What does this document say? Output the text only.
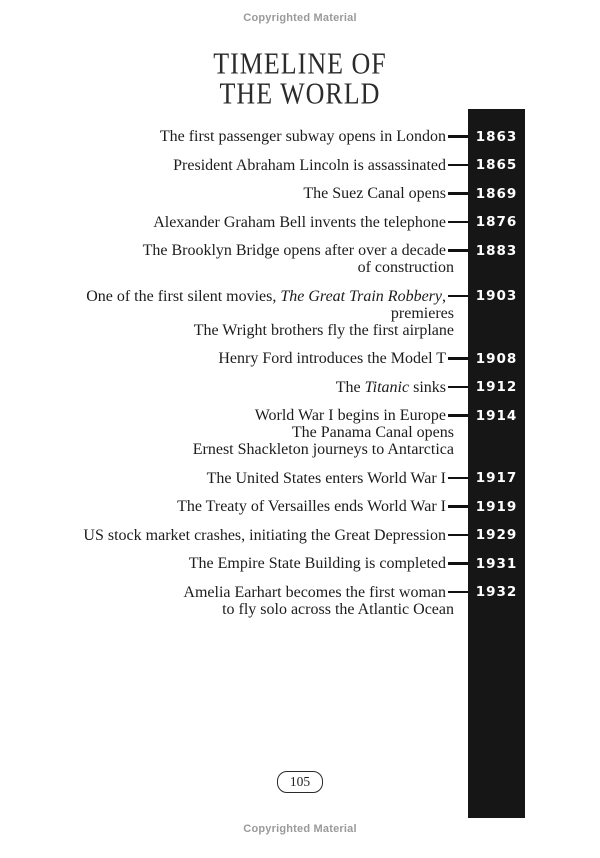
Copyrighted Material
TIMELINE OF
THE WORLD
The first passenger subway opens in London	1863
President Abraham Lincoln is assassinated	1865
The Suez Canal opens	1869
Alexander Graham Bell invents the telephone	1876
The Brooklyn Bridge opens after over a decade	1883
of construction
One of the first silent movies, The Great Train Robbery,	1903
premieres
The Wright brothers fly the first airplane
Henry Ford introduces the Model T	1908
The Titanic sinks	1912
World War I begins in Europe	1914
The Panama Canal opens
Ernest Shackleton journeys to Antarctica
The United States enters World War I	1917
The Treaty of Versailles ends World War I	1919
US stock market crashes, initiating the Great Depression	1929
The Empire State Building is completed	1931
Amelia Earhart becomes the first woman	1932
to fly solo across the Atlantic Ocean
105
Copyrighted Material
